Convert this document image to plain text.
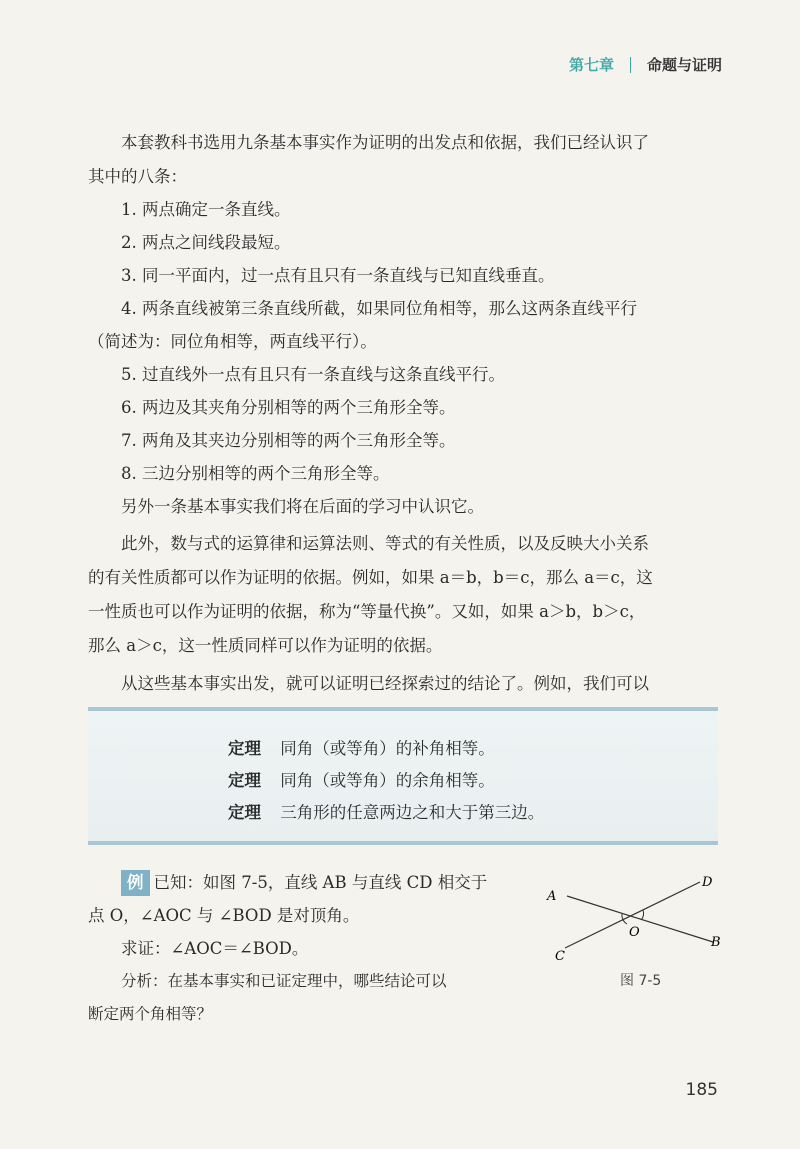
第七章 命题与证明

本套教科书选用九条基本事实作为证明的出发点和依据，我们已经认识了

其中的八条：

1. 两点确定一条直线。

2. 两点之间线段最短。

3. 同一平面内，过一点有且只有一条直线与已知直线垂直。

4. 两条直线被第三条直线所截，如果同位角相等，那么这两条直线平行

（简述为：同位角相等，两直线平行）。

5. 过直线外一点有且只有一条直线与这条直线平行。

6. 两边及其夹角分别相等的两个三角形全等。

7. 两角及其夹边分别相等的两个三角形全等。

8. 三边分别相等的两个三角形全等。

另外一条基本事实我们将在后面的学习中认识它。

此外，数与式的运算律和运算法则、等式的有关性质，以及反映大小关系

的有关性质都可以作为证明的依据。例如，如果 a＝b，b＝c，那么 a＝c，这

一性质也可以作为证明的依据，称为“等量代换”。又如，如果 a＞b，b＞c，

那么 a＞c，这一性质同样可以作为证明的依据。

从这些基本事实出发，就可以证明已经探索过的结论了。例如，我们可以

定理 同角（或等角）的补角相等。
定理 同角（或等角）的余角相等。
定理 三角形的任意两边之和大于第三边。

例 已知：如图 7-5，直线 AB 与直线 CD 相交于

点 O，∠AOC 与 ∠BOD 是对顶角。

求证：∠AOC＝∠BOD。

分析：在基本事实和已证定理中，哪些结论可以

断定两个角相等？

A
D
O
B
C
图 7-5
185
